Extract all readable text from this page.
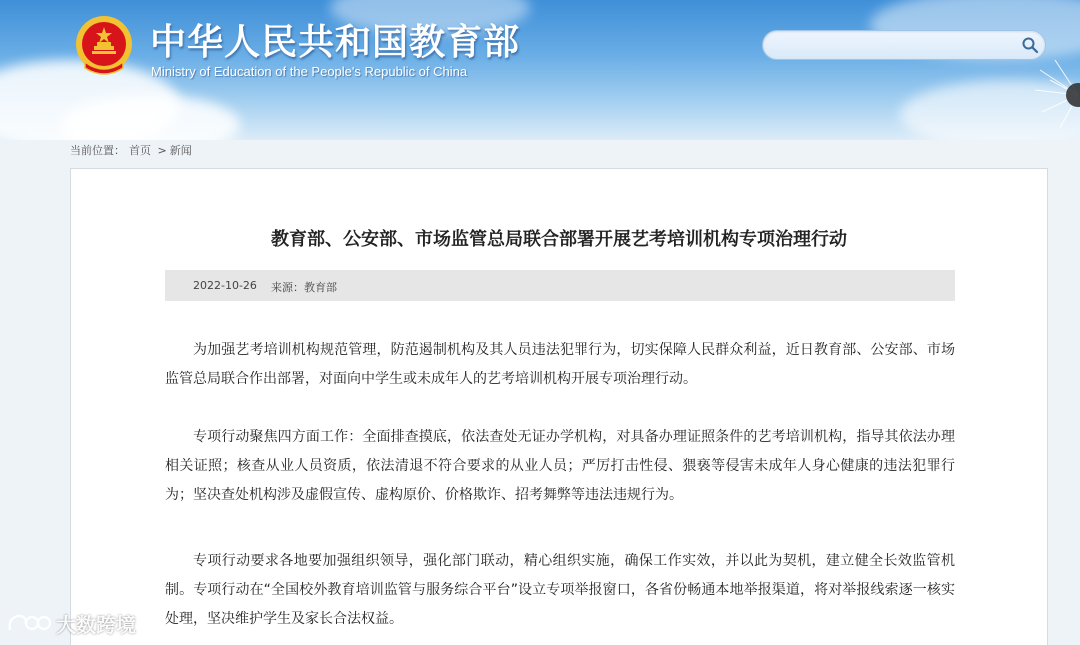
中华人民共和国教育部
Ministry of Education of the People's Republic of China
当前位置： 首页 > 新闻
教育部、公安部、市场监管总局联合部署开展艺考培训机构专项治理行动
2022-10-26 来源：教育部

为加强艺考培训机构规范管理，防范遏制机构及其人员违法犯罪行为，切实保障人民群众利益，近日教育部、公安部、市场监管总局联合作出部署，对面向中学生或未成年人的艺考培训机构开展专项治理行动。

专项行动聚焦四方面工作：全面排查摸底，依法查处无证办学机构，对具备办理证照条件的艺考培训机构，指导其依法办理相关证照；核查从业人员资质，依法清退不符合要求的从业人员；严厉打击性侵、猥亵等侵害未成年人身心健康的违法犯罪行为；坚决查处机构涉及虚假宣传、虚构原价、价格欺诈、招考舞弊等违法违规行为。

专项行动要求各地要加强组织领导，强化部门联动，精心组织实施，确保工作实效，并以此为契机，建立健全长效监管机制。专项行动在“全国校外教育培训监管与服务综合平台”设立专项举报窗口，各省份畅通本地举报渠道，将对举报线索逐一核实处理，坚决维护学生及家长合法权益。

大数跨境
